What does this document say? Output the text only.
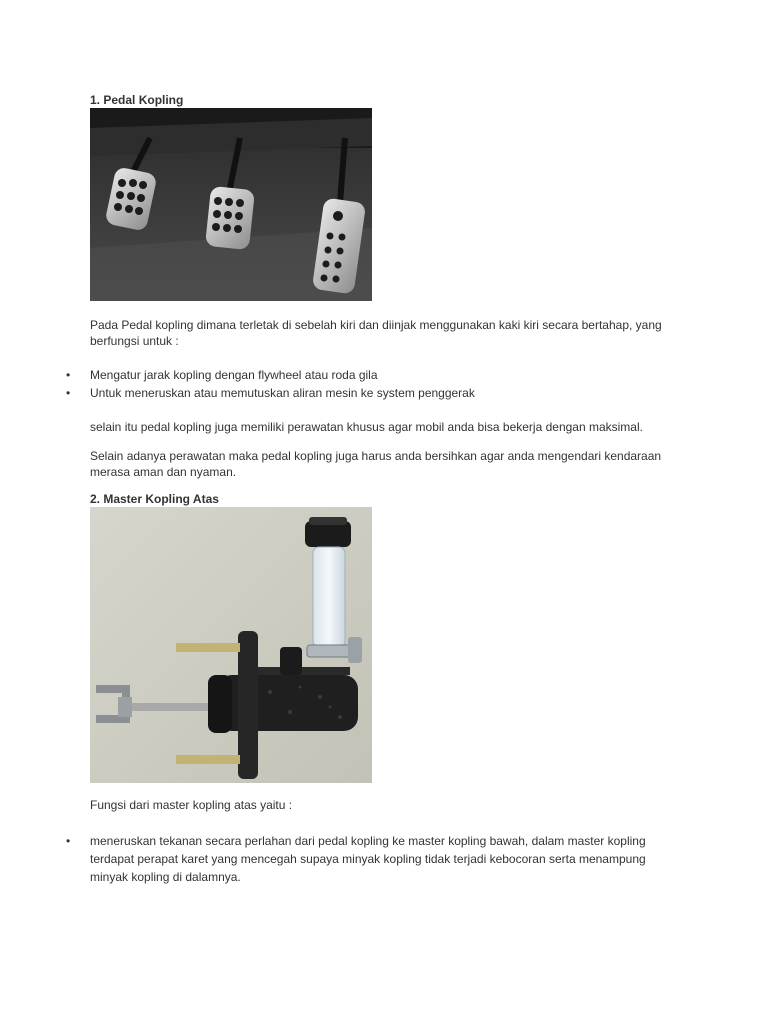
1. Pedal Kopling
Pada Pedal kopling dimana terletak di sebelah kiri dan diinjak menggunakan kaki kiri secara bertahap, yang berfungsi untuk :
•	Mengatur jarak kopling dengan flywheel atau roda gila
•	Untuk meneruskan atau memutuskan aliran mesin ke system penggerak
selain itu pedal kopling juga memiliki perawatan khusus agar mobil anda bisa bekerja dengan maksimal.
Selain adanya perawatan maka pedal kopling juga harus anda bersihkan agar anda mengendari kendaraan merasa aman dan nyaman.
2. Master Kopling Atas
Fungsi dari master kopling atas yaitu :
•	meneruskan tekanan secara perlahan dari pedal kopling ke master kopling bawah, dalam master kopling terdapat perapat karet yang mencegah supaya minyak kopling tidak terjadi kebocoran serta menampung minyak kopling di dalamnya.
